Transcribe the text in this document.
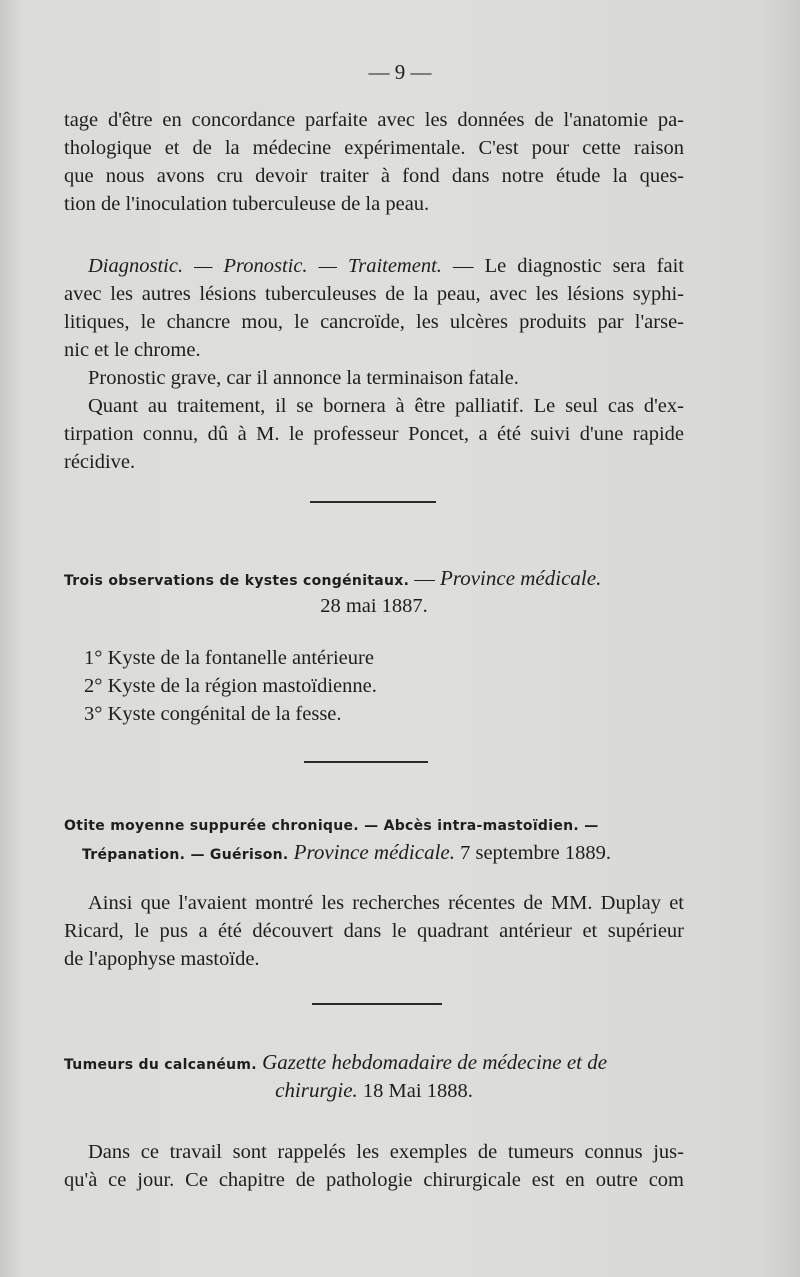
— 9 —
tage d'être en concordance parfaite avec les données de l'anatomie pa-
thologique et de la médecine expérimentale. C'est pour cette raison
que nous avons cru devoir traiter à fond dans notre étude la ques-
tion de l'inoculation tuberculeuse de la peau.
Diagnostic. — Pronostic. — Traitement. — Le diagnostic sera fait
avec les autres lésions tuberculeuses de la peau, avec les lésions syphi-
litiques, le chancre mou, le cancroïde, les ulcères produits par l'arse-
nic et le chrome.
Pronostic grave, car il annonce la terminaison fatale.
Quant au traitement, il se bornera à être palliatif. Le seul cas d'ex-
tirpation connu, dû à M. le professeur Poncet, a été suivi d'une rapide
récidive.
Trois observations de kystes congénitaux. — Province médicale.
28 mai 1887.
1° Kyste de la fontanelle antérieure
2° Kyste de la région mastoïdienne.
3° Kyste congénital de la fesse.
Otite moyenne suppurée chronique. — Abcès intra-mastoïdien. —
Trépanation. — Guérison. Province médicale. 7 septembre 1889.
Ainsi que l'avaient montré les recherches récentes de MM. Duplay et
Ricard, le pus a été découvert dans le quadrant antérieur et supérieur
de l'apophyse mastoïde.
Tumeurs du calcanéum. Gazette hebdomadaire de médecine et de
chirurgie. 18 Mai 1888.
Dans ce travail sont rappelés les exemples de tumeurs connus jus-
qu'à ce jour. Ce chapitre de pathologie chirurgicale est en outre com
